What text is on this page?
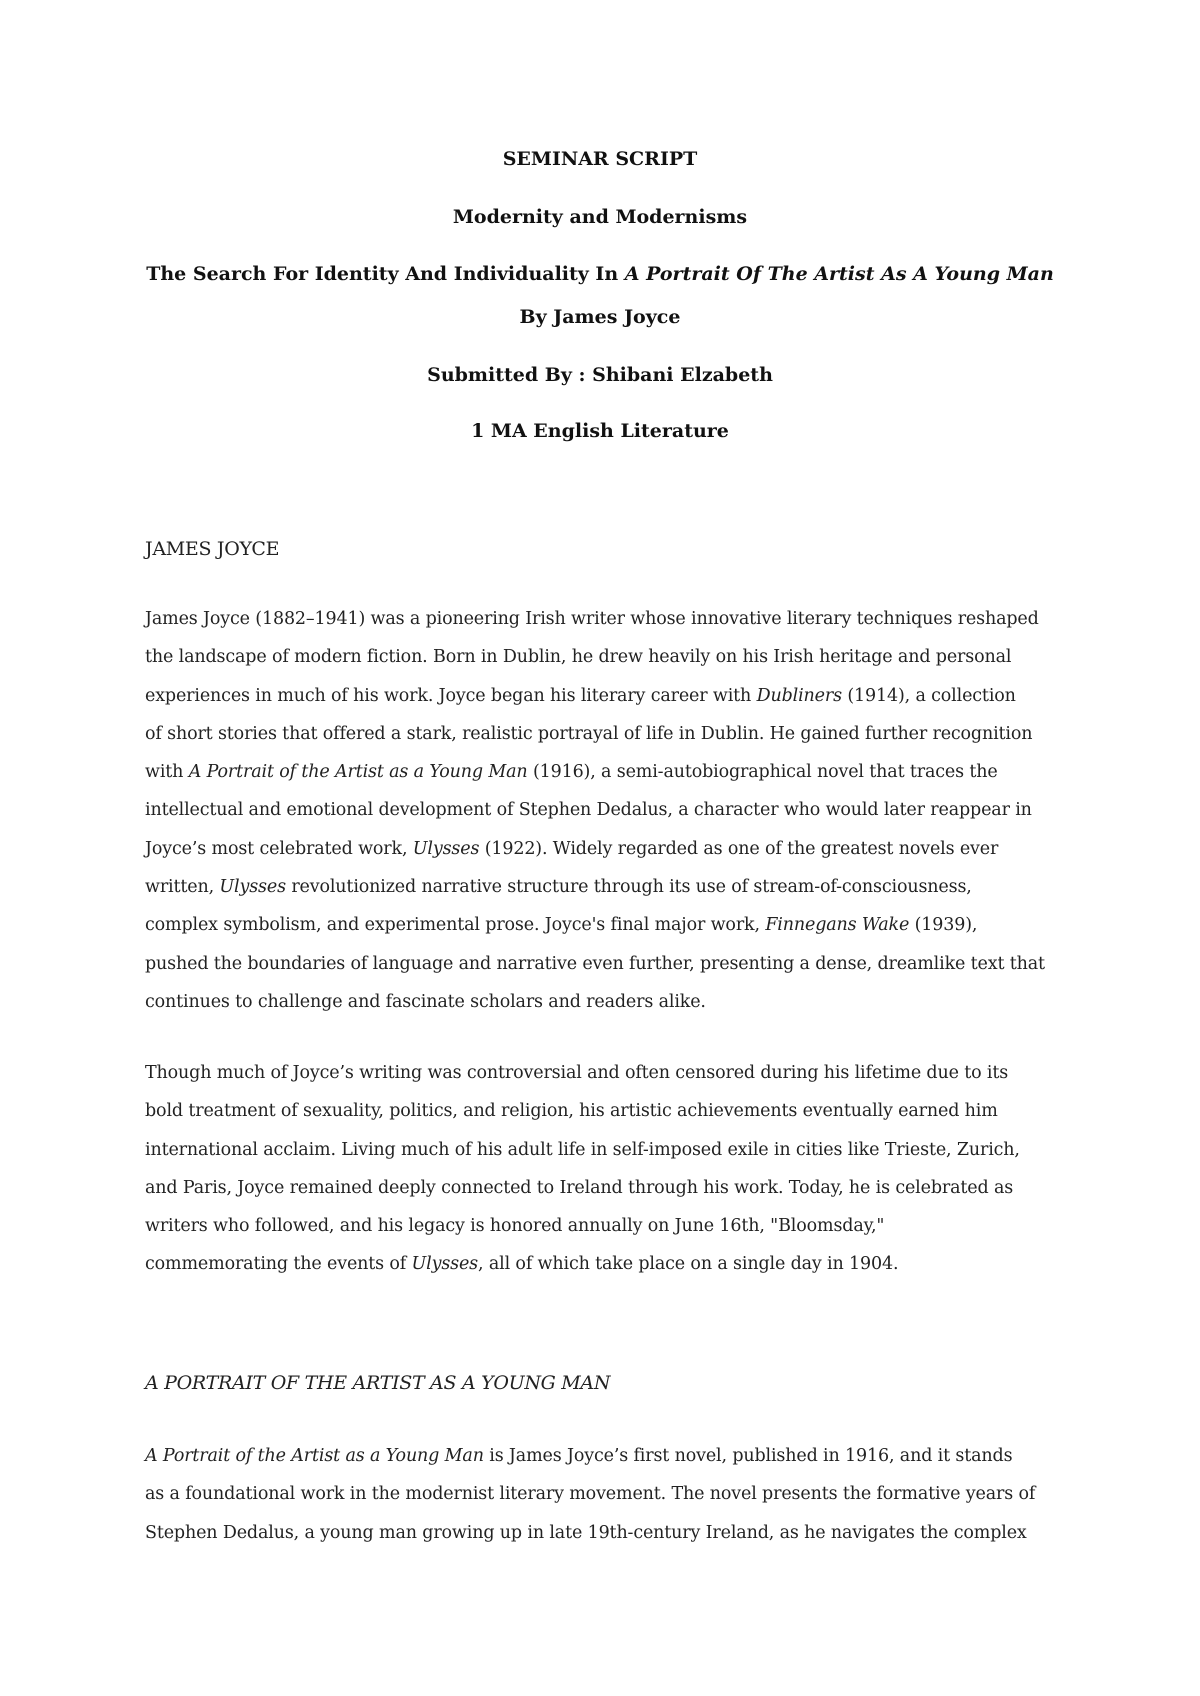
SEMINAR SCRIPT
Modernity and Modernisms
The Search For Identity And Individuality In A Portrait Of The Artist As A Young Man
By James Joyce
Submitted By : Shibani Elzabeth
1 MA English Literature
JAMES JOYCE
James Joyce (1882–1941) was a pioneering Irish writer whose innovative literary techniques reshaped
the landscape of modern fiction. Born in Dublin, he drew heavily on his Irish heritage and personal
experiences in much of his work. Joyce began his literary career with Dubliners (1914), a collection
of short stories that offered a stark, realistic portrayal of life in Dublin. He gained further recognition
with A Portrait of the Artist as a Young Man (1916), a semi-autobiographical novel that traces the
intellectual and emotional development of Stephen Dedalus, a character who would later reappear in
Joyce’s most celebrated work, Ulysses (1922). Widely regarded as one of the greatest novels ever
written, Ulysses revolutionized narrative structure through its use of stream-of-consciousness,
complex symbolism, and experimental prose. Joyce's final major work, Finnegans Wake (1939),
pushed the boundaries of language and narrative even further, presenting a dense, dreamlike text that
continues to challenge and fascinate scholars and readers alike.
Though much of Joyce’s writing was controversial and often censored during his lifetime due to its
bold treatment of sexuality, politics, and religion, his artistic achievements eventually earned him
international acclaim. Living much of his adult life in self-imposed exile in cities like Trieste, Zurich,
and Paris, Joyce remained deeply connected to Ireland through his work. Today, he is celebrated as
writers who followed, and his legacy is honored annually on June 16th, "Bloomsday,"
commemorating the events of Ulysses, all of which take place on a single day in 1904.
A PORTRAIT OF THE ARTIST AS A YOUNG MAN
A Portrait of the Artist as a Young Man is James Joyce’s first novel, published in 1916, and it stands
as a foundational work in the modernist literary movement. The novel presents the formative years of
Stephen Dedalus, a young man growing up in late 19th-century Ireland, as he navigates the complex
